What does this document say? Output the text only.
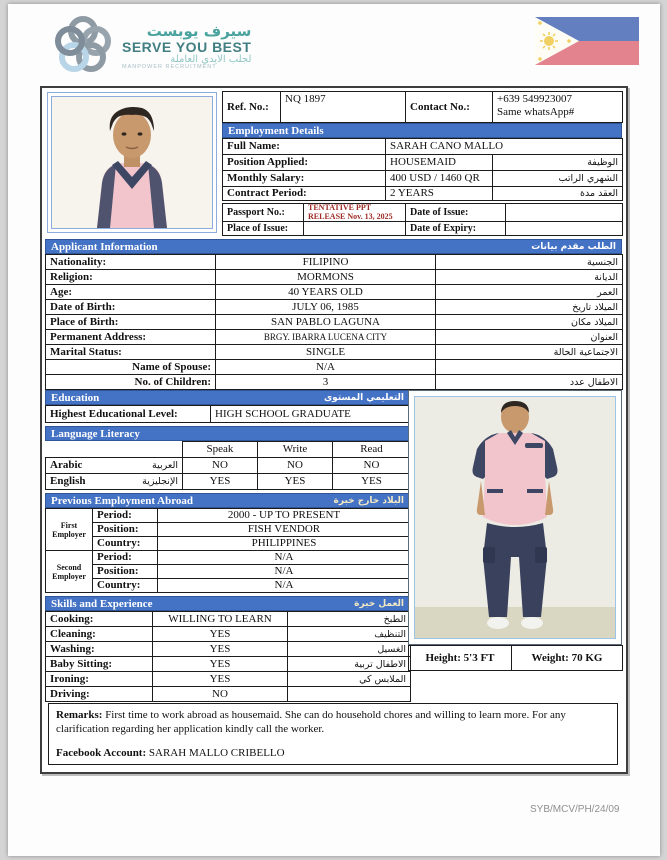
سيرف يوبست
SERVE YOU BEST
لجلب الايدي العاملة
MANPOWER RECRUITMENT
Ref. No.:	NQ 1897	Contact No.:	
+639 549923007
Same whatsApp#
Employment Details
Full Name:	SARAH CANO MALLO	
Position Applied:	HOUSEMAID	الوظيفة
Monthly Salary:	400 USD / 1460 QR	الشهري الراتب
Contract Period:	2 YEARS	العقد مدة
Passport No.:	TENTATIVE PPT RELEASE Nov. 13, 2025	Date of Issue:	
Place of Issue:		Date of Expiry:	
Applicant Information	الطلب مقدم بيانات
Nationality:	FILIPINO	الجنسية
Religion:	MORMONS	الديانة
Age:	40 YEARS OLD	العمر
Date of Birth:	JULY 06, 1985	الميلاد تاريخ
Place of Birth:	SAN PABLO LAGUNA	الميلاد مكان
Permanent Address:	BRGY. IBARRA LUCENA CITY	العنوان
Marital Status:	SINGLE	الاجتماعية الحالة
Name of Spouse:	N/A	
No. of Children:	3	الاطفال عدد
Education	التعليمي المستوى
Highest Educational Level:	HIGH SCHOOL GRADUATE
Language Literacy
	Speak	Write	Read
Arabic العربية	NO	NO	NO
English الإنجليزية	YES	YES	YES
Previous Employment Abroad	البلاد خارج خبرة
First Employer	Period:	2000 - UP TO PRESENT
	Position:	FISH VENDOR
	Country:	PHILIPPINES
Second Employer	Period:	N/A
	Position:	N/A
	Country:	N/A
Skills and Experience	العمل خبرة
Cooking:	WILLING TO LEARN	الطبخ
Cleaning:	YES	التنظيف
Washing:	YES	الغسيل
Baby Sitting:	YES	الاطفال تربية
Ironing:	YES	الملابس كي
Driving:	NO	
Height: 5'3 FT	Weight: 70 KG
Remarks: First time to work abroad as housemaid. She can do household chores and willing to learn more. For any clarification regarding her application kindly call the worker.
Facebook Account: SARAH MALLO CRIBELLO
SYB/MCV/PH/24/09
